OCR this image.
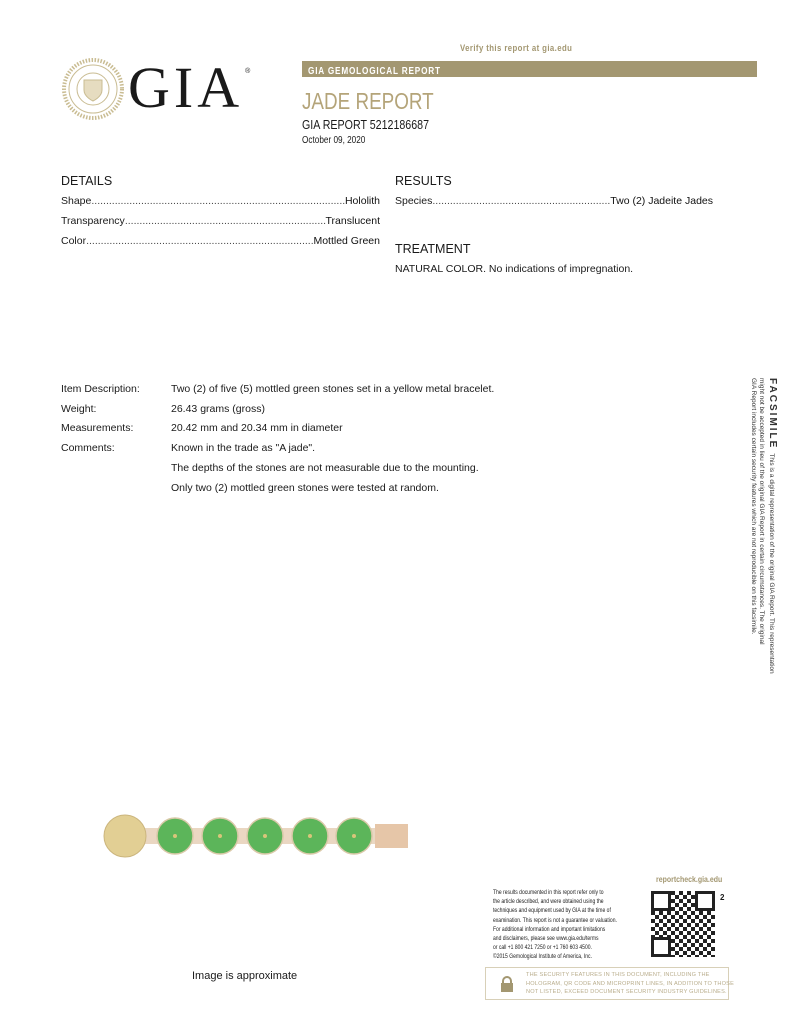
Verify this report at gia.edu
GIA ®	GIA GEMOLOGICAL REPORT
JADE REPORT
GIA REPORT 5212186687
October 09, 2020
DETAILS
Shape .....	Hololith
Transparency .....	Translucent
Color .....	Mottled Green
RESULTS
Species .....	Two (2) Jadeite Jades
TREATMENT
NATURAL COLOR. No indications of impregnation.
Item Description:	Two (2) of five (5) mottled green stones set in a yellow metal bracelet.
Weight:	26.43 grams (gross)
Measurements:	20.42 mm and 20.34 mm in diameter
Comments:	Known in the trade as "A jade".
The depths of the stones are not measurable due to the mounting.
Only two (2) mottled green stones were tested at random.
FACSIMILEThis is a digital representation of the original GIA Report. This representation
might not be accepted in lieu of the original GIA Report in certain circumstances. The original
GIA Report includes certain security features which are not reproducible on this facsimile.
Image is approximate
reportcheck.gia.edu
The results documented in this report refer only to
the article described, and were obtained using the
techniques and equipment used by GIA at the time of
examination. This report is not a guarantee or valuation.
For additional information and important limitations
and disclaimers, please see www.gia.edu/terms
or call +1 800 421 7250 or +1 760 603 4500.
©2015 Gemological Institute of America, Inc.
2
THE SECURITY FEATURES IN THIS DOCUMENT, INCLUDING THE
HOLOGRAM, QR CODE AND MICROPRINT LINES, IN ADDITION TO THOSE
NOT LISTED, EXCEED DOCUMENT SECURITY INDUSTRY GUIDELINES.
